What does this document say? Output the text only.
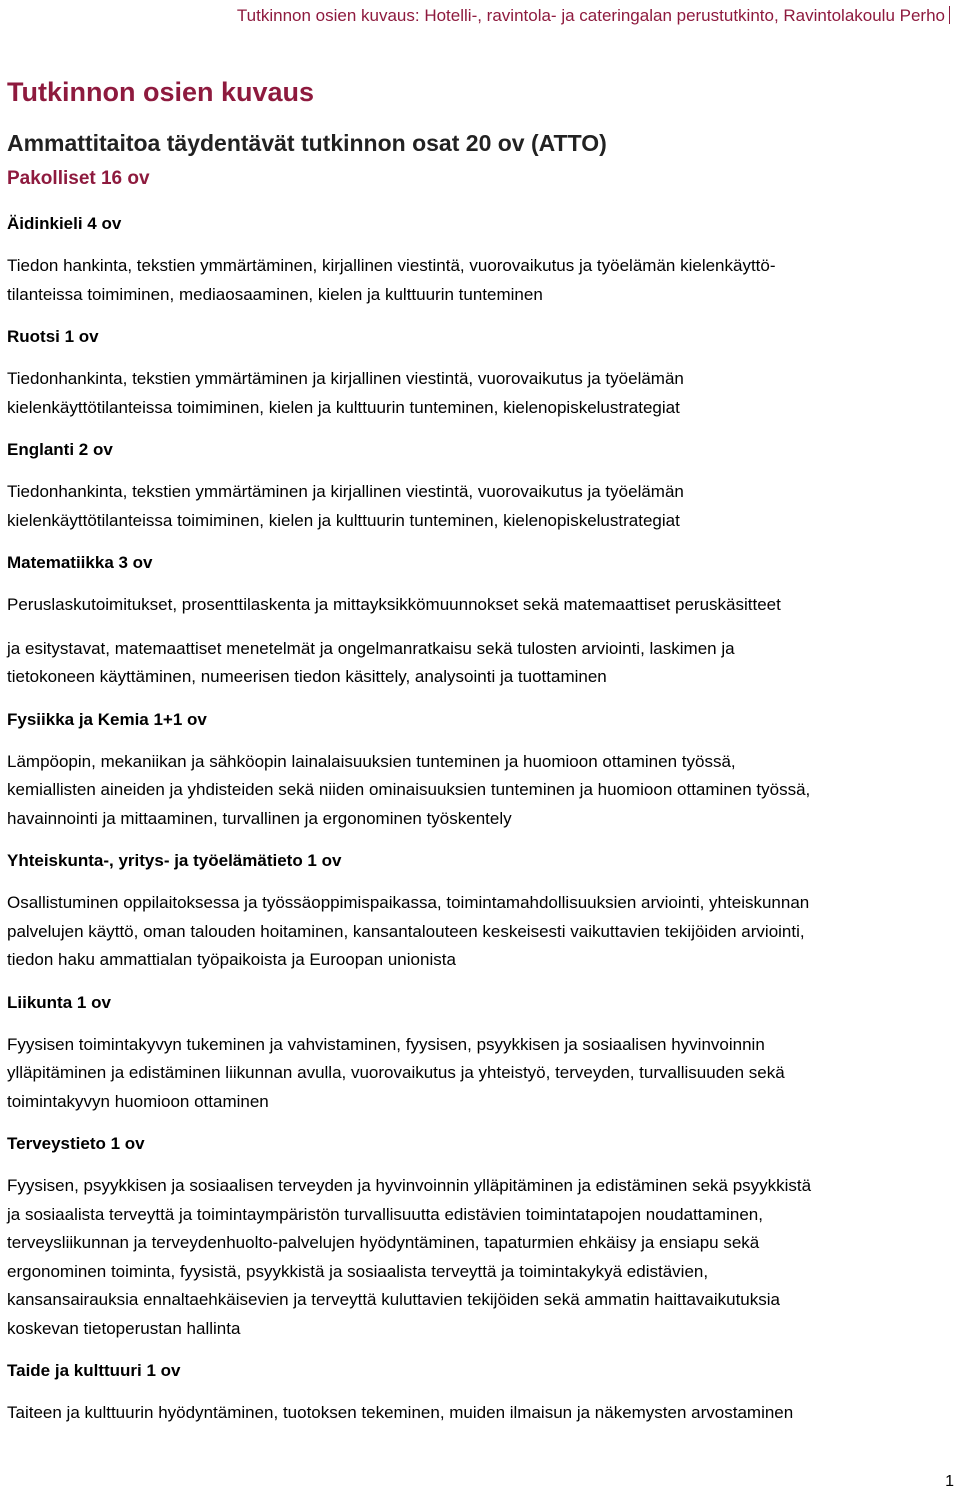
Tutkinnon osien kuvaus: Hotelli-, ravintola- ja cateringalan perustutkinto, Ravintolakoulu Perho
Tutkinnon osien kuvaus
Ammattitaitoa täydentävät tutkinnon osat 20 ov (ATTO)
Pakolliset 16 ov
Äidinkieli 4 ov
Tiedon hankinta, tekstien ymmärtäminen, kirjallinen viestintä, vuorovaikutus ja työelämän kielenkäyttö-
tilanteissa toimiminen, mediaosaaminen, kielen ja kulttuurin tunteminen
Ruotsi 1 ov
Tiedonhankinta, tekstien ymmärtäminen ja kirjallinen viestintä, vuorovaikutus ja työelämän
kielenkäyttötilanteissa toimiminen, kielen ja kulttuurin tunteminen, kielenopiskelustrategiat
Englanti 2 ov
Tiedonhankinta, tekstien ymmärtäminen ja kirjallinen viestintä, vuorovaikutus ja työelämän
kielenkäyttötilanteissa toimiminen, kielen ja kulttuurin tunteminen, kielenopiskelustrategiat
Matematiikka 3 ov
Peruslaskutoimitukset, prosenttilaskenta ja mittayksikkömuunnokset sekä matemaattiset peruskäsitteet
ja esitystavat, matemaattiset menetelmät ja ongelmanratkaisu sekä tulosten arviointi, laskimen ja
tietokoneen käyttäminen, numeerisen tiedon käsittely, analysointi ja tuottaminen
Fysiikka ja Kemia 1+1 ov
Lämpöopin, mekaniikan ja sähköopin lainalaisuuksien tunteminen ja huomioon ottaminen työssä,
kemiallisten aineiden ja yhdisteiden sekä niiden ominaisuuksien tunteminen ja huomioon ottaminen työssä,
havainnointi ja mittaaminen, turvallinen ja ergonominen työskentely
Yhteiskunta-, yritys- ja työelämätieto 1 ov
Osallistuminen oppilaitoksessa ja työssäoppimispaikassa, toimintamahdollisuuksien arviointi, yhteiskunnan
palvelujen käyttö, oman talouden hoitaminen, kansantalouteen keskeisesti vaikuttavien tekijöiden arviointi,
tiedon haku ammattialan työpaikoista ja Euroopan unionista
Liikunta 1 ov
Fyysisen toimintakyvyn tukeminen ja vahvistaminen, fyysisen, psyykkisen ja sosiaalisen hyvinvoinnin
ylläpitäminen ja edistäminen liikunnan avulla, vuorovaikutus ja yhteistyö, terveyden, turvallisuuden sekä
toimintakyvyn huomioon ottaminen
Terveystieto 1 ov
Fyysisen, psyykkisen ja sosiaalisen terveyden ja hyvinvoinnin ylläpitäminen ja edistäminen sekä psyykkistä
ja sosiaalista terveyttä ja toimintaympäristön turvallisuutta edistävien toimintatapojen noudattaminen,
terveysliikunnan ja terveydenhuolto-palvelujen hyödyntäminen, tapaturmien ehkäisy ja ensiapu sekä
ergonominen toiminta, fyysistä, psyykkistä ja sosiaalista terveyttä ja toimintakykyä edistävien,
kansansairauksia ennaltaehkäisevien ja terveyttä kuluttavien tekijöiden sekä ammatin haittavaikutuksia
koskevan tietoperustan hallinta
Taide ja kulttuuri 1 ov
Taiteen ja kulttuurin hyödyntäminen, tuotoksen tekeminen, muiden ilmaisun ja näkemysten arvostaminen
1
